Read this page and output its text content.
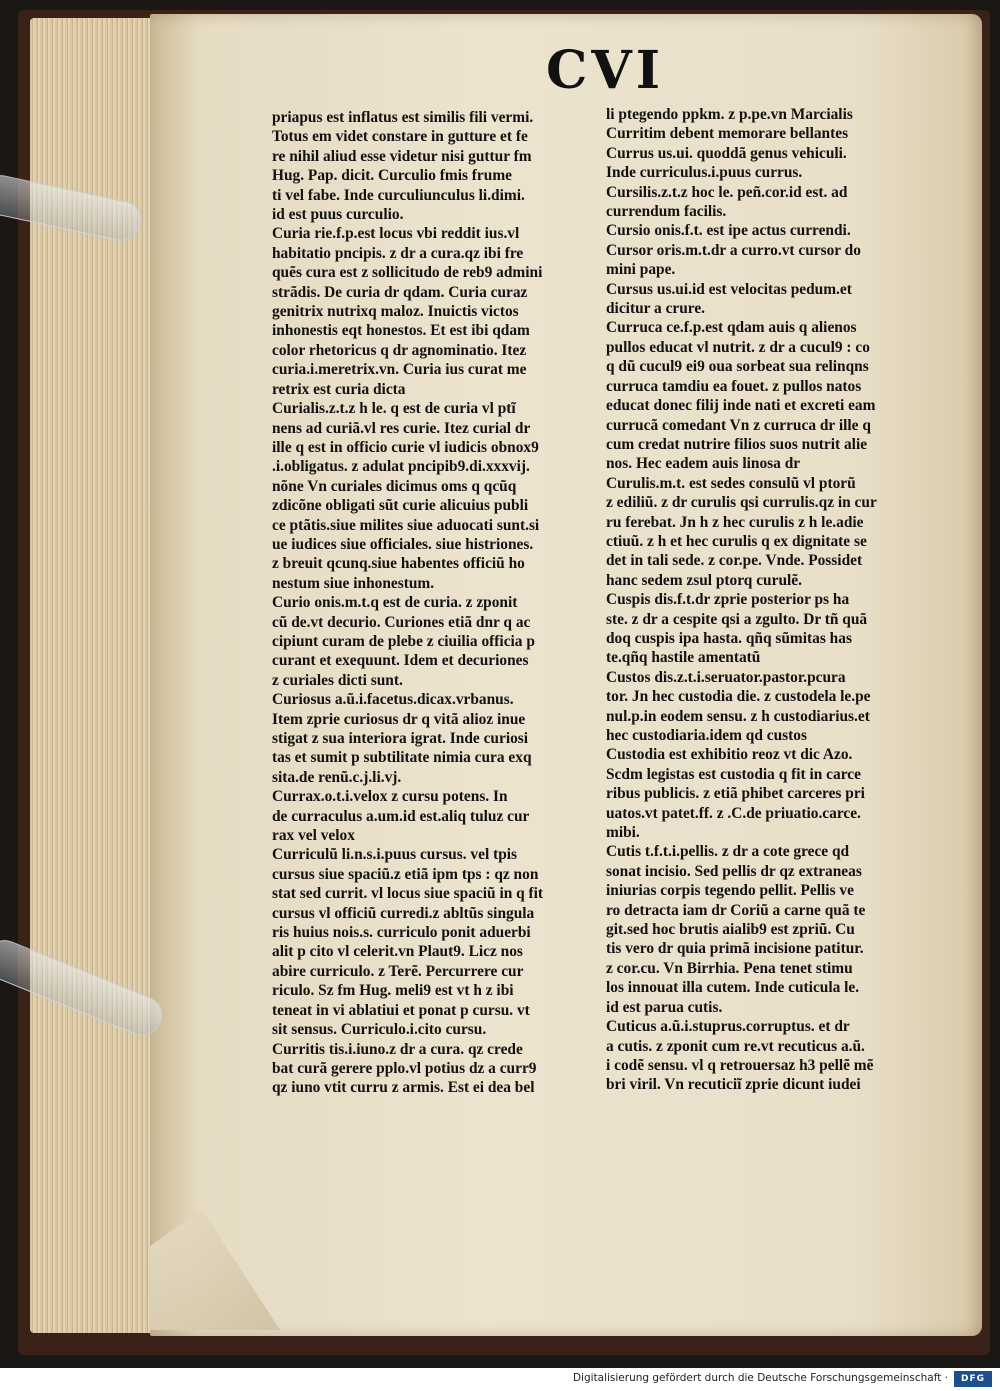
CVI
priapus est inflatus est similis fili vermi.
Totus em videt constare in gutture et fe
re nihil aliud esse videtur nisi guttur fm
Hug. Pap. dicit. Curculio fmis frume
ti vel fabe. Inde curculiunculus li.dimi.
id est puus curculio.
Curia rie.f.p.est locus vbi reddit ius.vl
habitatio pncipis. z dr a cura.qz ibi fre
quẽs cura est z sollicitudo de reb9 admini
strãdis. De curia dr qdam. Curia curaz
genitrix nutrixq maloz. Inuictis victos
inhonestis eqt honestos. Et est ibi qdam
color rhetoricus q dr agnominatio. Itez
curia.i.meretrix.vn. Curia ius curat me
retrix est curia dicta
Curialis.z.t.z h le. q est de curia vl ptĩ
nens ad curiã.vl res curie. Itez curial dr
ille q est in officio curie vl iudicis obnox9
.i.obligatus. z adulat pncipib9.di.xxxvij.
nõne Vn curiales dicimus oms q qcũq
zdicõne obligati sũt curie alicuius publi
ce ptãtis.siue milites siue aduocati sunt.si
ue iudices siue officiales. siue histriones.
z breuit qcunq.siue habentes officiũ ho
nestum siue inhonestum.
Curio onis.m.t.q est de curia. z zponit
cũ de.vt decurio. Curiones etiã dnr q ac
cipiunt curam de plebe z ciuilia officia p
curant et exequunt. Idem et decuriones
z curiales dicti sunt.
Curiosus a.ũ.i.facetus.dicax.vrbanus.
Item zprie curiosus dr q vitã alioz inue
stigat z sua interiora igrat. Inde curiosi
tas et sumit p subtilitate nimia cura exq
sita.de renũ.c.j.li.vj.
Currax.o.t.i.velox z cursu potens. In
de curraculus a.um.id est.aliq tuluz cur
rax vel velox
Curriculũ li.n.s.i.puus cursus. vel tpis
cursus siue spaciũ.z etiã ipm tps : qz non
stat sed currit. vl locus siue spaciũ in q fit
cursus vl officiũ curredi.z abltũs singula
ris huius nois.s. curriculo ponit aduerbi
alit p cito vl celerit.vn Plaut9. Licz nos
abire curriculo. z Terẽ. Percurrere cur
riculo. Sz fm Hug. meli9 est vt h z ibi
teneat in vi ablatiui et ponat p cursu. vt
sit sensus. Curriculo.i.cito cursu.
Curritis tis.i.iuno.z dr a cura. qz crede
bat curã gerere pplo.vl potius dz a curr9
qz iuno vtit curru z armis. Est ei dea bel
li ptegendo ppkm. z p.pe.vn Marcialis
Curritim debent memorare bellantes
Currus us.ui. quoddã genus vehiculi.
Inde curriculus.i.puus currus.
Cursilis.z.t.z hoc le. peñ.cor.id est. ad
currendum facilis.
Cursio onis.f.t. est ipe actus currendi.
Cursor oris.m.t.dr a curro.vt cursor do
mini pape.
Cursus us.ui.id est velocitas pedum.et
dicitur a crure.
Curruca ce.f.p.est qdam auis q alienos
pullos educat vl nutrit. z dr a cucul9 : co
q dũ cucul9 ei9 oua sorbeat sua relinqns
curruca tamdiu ea fouet. z pullos natos
educat donec filij inde nati et excreti eam
currucã comedant Vn z curruca dr ille q
cum credat nutrire filios suos nutrit alie
nos. Hec eadem auis linosa dr
Curulis.m.t. est sedes consulũ vl ptorũ
z ediliũ. z dr curulis qsi currulis.qz in cur
ru ferebat. Jn h z hec curulis z h le.adie
ctiuũ. z h et hec curulis q ex dignitate se
det in tali sede. z cor.pe. Vnde. Possidet
hanc sedem zsul ptorq curulẽ.
Cuspis dis.f.t.dr zprie posterior ps ha
ste. z dr a cespite qsi a zgulto. Dr tñ quã
doq cuspis ipa hasta. qñq sũmitas has
te.qñq hastile amentatũ
Custos dis.z.t.i.seruator.pastor.pcura
tor. Jn hec custodia die. z custodela le.pe
nul.p.in eodem sensu. z h custodiarius.et
hec custodiaria.idem qd custos
Custodia est exhibitio reoz vt dic Azo.
Scdm legistas est custodia q fit in carce
ribus publicis. z etiã phibet carceres pri
uatos.vt patet.ff. z .C.de priuatio.carce.
mibi.
Cutis t.f.t.i.pellis. z dr a cote grece qd
sonat incisio. Sed pellis dr qz extraneas
iniurias corpis tegendo pellit. Pellis ve
ro detracta iam dr Coriũ a carne quã te
git.sed hoc brutis aialib9 est zpriũ. Cu
tis vero dr quia primã incisione patitur.
z cor.cu. Vn Birrhia. Pena tenet stimu
los innouat illa cutem. Inde cuticula le.
id est parua cutis.
Cuticus a.ũ.i.stuprus.corruptus. et dr
a cutis. z zponit cum re.vt recuticus a.ũ.
i codẽ sensu. vl q retrouersaz h3 pellẽ mẽ
bri viril. Vn recuticiĩ zprie dicunt iudei
Digitalisierung gefördert durch die Deutsche Forschungsgemeinschaft ·	DFG
